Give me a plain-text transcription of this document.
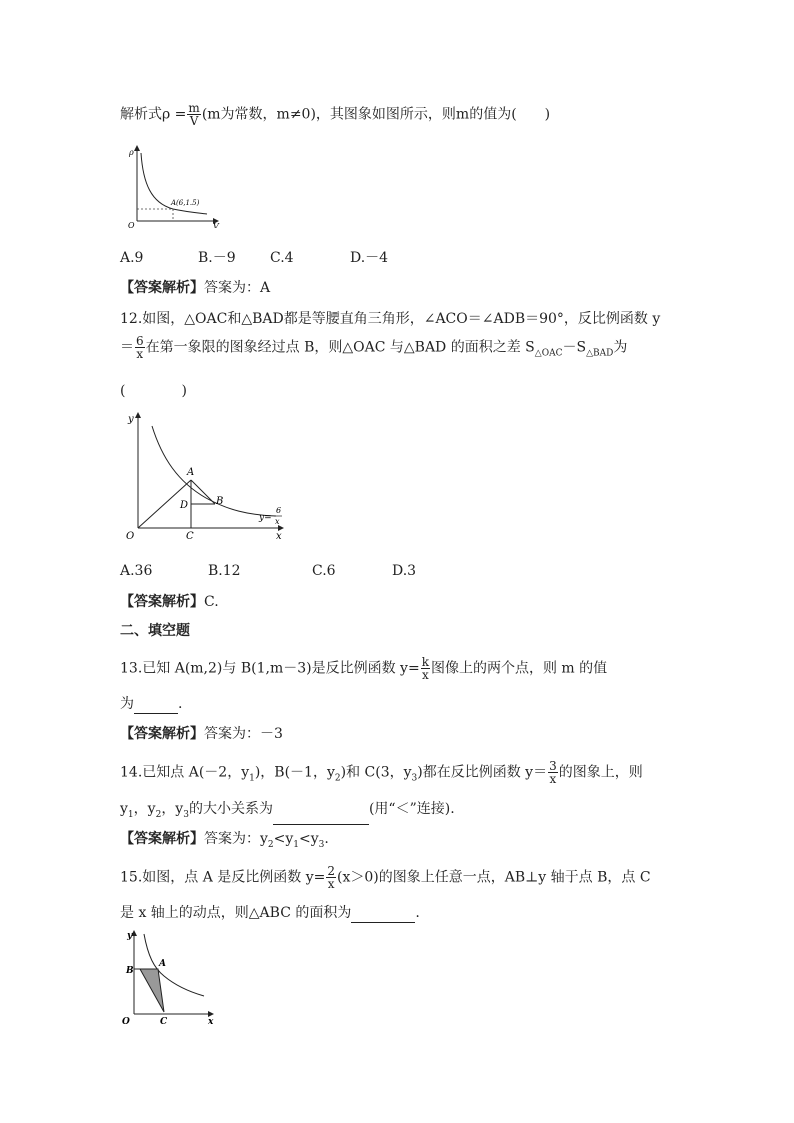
解析式$\rho = \frac{m}{V} (m$为常数，m≠0)，其图象如图所示，则m的值为(　　)
A(6,1.5)
ρ
V
O
A.9	B.－9 C.4	D.－4
【答案解析】答案为：A
12.如图，△OAC和△BAD都是等腰直角三角形，∠ACO＝∠ADB＝90°，反比例函数 y
＝ $\frac{6}{x}$ 在第一象限的图象经过点 B，则△OAC 与△BAD 的面积之差 $S_{\triangle OAC}-S_{\triangle BAD}$为
(　　　　)
y
x
O
A
B
C
D
y=
6
x
A.36	B.12	C.6	D.3
【答案解析】C.
二、填空题
13.已知 A(m,2)与 B(1,m－3)是反比例函数 $y= \frac{k}{x}$ 图像上的两个点，则 m 的值
为	.
【答案解析】答案为：－3
14.已知点 A(－2，$y_1$)，B(－1，$y_2$)和 C(3，$y_3$)都在反比例函数 $y= \frac{3}{x}$ 的图象上，则
$y_1$，$y_2$，$y_3$的大小关系为	(用“＜”连接).
【答案解析】答案为：$y_2<y_1<y_3$.
15.如图，点 A 是反比例函数 $y= \frac{2}{x} (x>0)$的图象上任意一点，AB⊥y 轴于点 B，点 C
是 x 轴上的动点，则△ABC 的面积为	.
y
x
O
A
B
C
